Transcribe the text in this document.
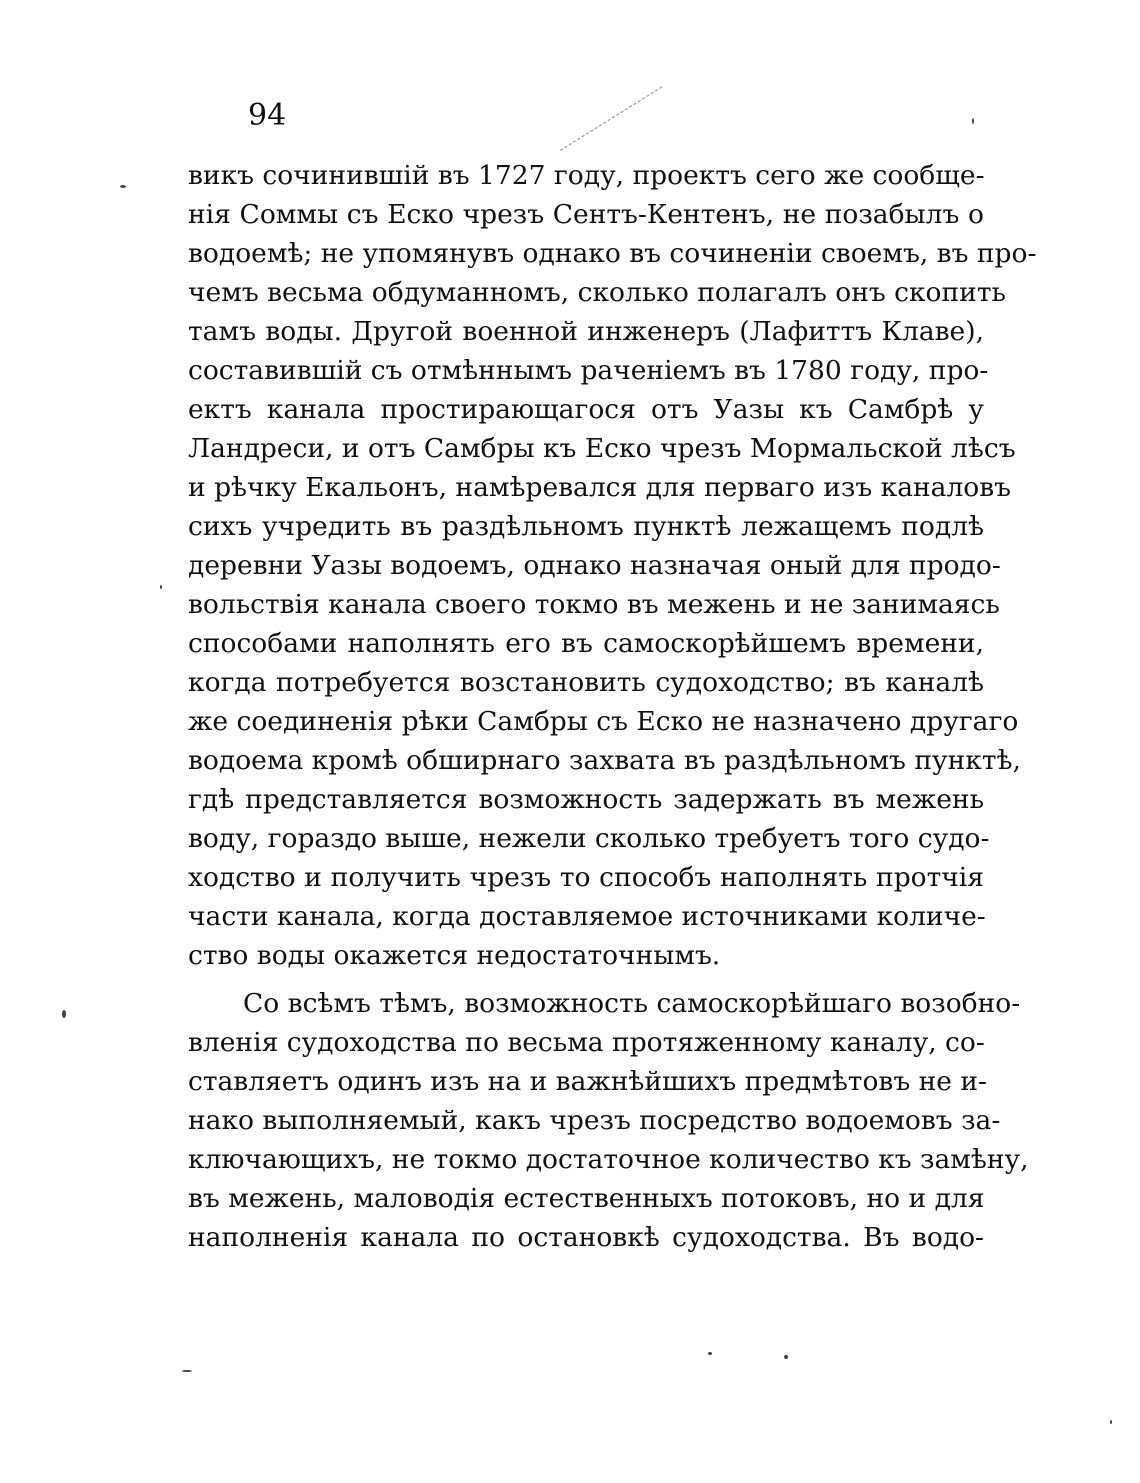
94
викъ сочинившій въ 1727 году, проектъ сего же сообще-
нія Соммы съ Еско чрезъ Сентъ-Кентенъ, не позабылъ о
водоемѣ; не упомянувъ однако въ сочиненіи своемъ, въ про-
чемъ весьма обдуманномъ, сколько полагалъ онъ скопить
тамъ воды. Другой военной инженеръ (Лафиттъ Клаве),
составившій съ отмѣннымъ раченіемъ въ 1780 году, про-
ектъ канала простирающагося отъ Уазы къ Самбрѣ у
Ландреси, и отъ Самбры къ Еско чрезъ Мормальской лѣсъ
и рѣчку Екальонъ, намѣревался для перваго изъ каналовъ
сихъ учредить въ раздѣльномъ пунктѣ лежащемъ подлѣ
деревни Уазы водоемъ, однако назначая оный для продо-
вольствія канала своего токмо въ межень и не занимаясь
способами наполнять его въ самоскорѣйшемъ времени,
когда потребуется возстановить судоходство; въ каналѣ
же соединенія рѣки Самбры съ Еско не назначено другаго
водоема кромѣ обширнаго захвата въ раздѣльномъ пунктѣ,
гдѣ представляется возможность задержать въ межень
воду, гораздо выше, нежели сколько требуетъ того судо-
ходство и получить чрезъ то способъ наполнять протчія
части канала, когда доставляемое источниками количе-
ство воды окажется недостаточнымъ.
Со всѣмъ тѣмъ, возможность самоскорѣйшаго возобно-
вленія судоходства по весьма протяженному каналу, со-
ставляетъ одинъ изъ на и важнѣйшихъ предмѣтовъ не и-
нако выполняемый, какъ чрезъ посредство водоемовъ за-
ключающихъ, не токмо достаточное количество къ замѣну,
въ межень, маловодія естественныхъ потоковъ, но и для
наполненія канала по остановкѣ судоходства. Въ водо-
